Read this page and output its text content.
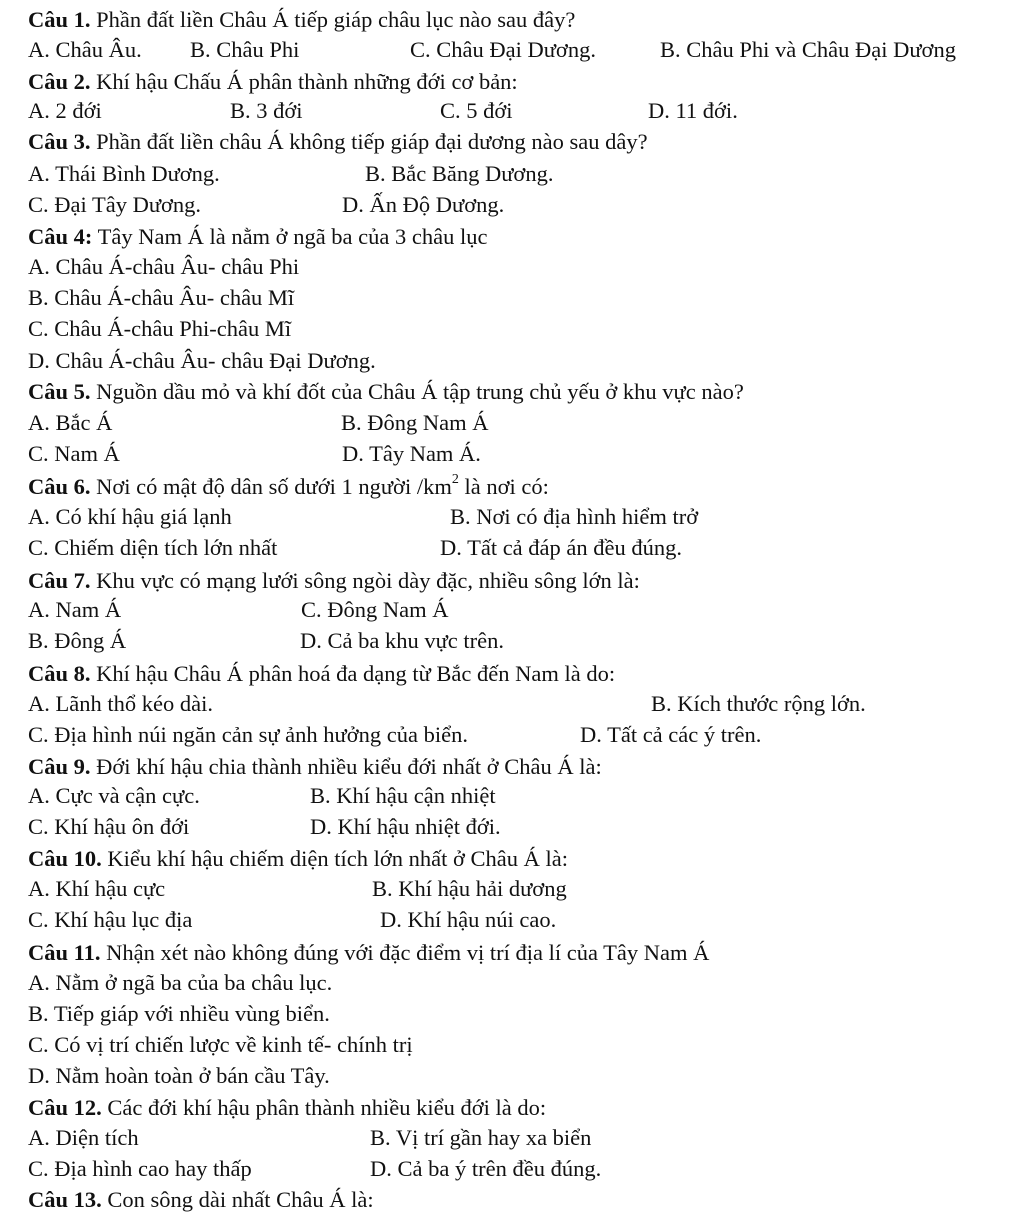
Câu 1. Phần đất liền Châu Á tiếp giáp châu lục nào sau đây?
A. Châu Âu. B. Châu Phi	C. Châu Đại Dương.	B. Châu Phi và Châu Đại Dương
Câu 2. Khí hậu Chấu Á phân thành những đới cơ bản:
A. 2 đới	B. 3 đới	C. 5 đới	D. 11 đới.
Câu 3. Phần đất liền châu Á không tiếp giáp đại dương nào sau dây?
A. Thái Bình Dương.	B. Bắc Băng Dương.
C. Đại Tây Dương.	D. Ấn Độ Dương.
Câu 4: Tây Nam Á là nằm ở ngã ba của 3 châu lục
A. Châu Á-châu Âu- châu Phi
B. Châu Á-châu Âu- châu Mĩ
C. Châu Á-châu Phi-châu Mĩ
D. Châu Á-châu Âu- châu Đại Dương.
Câu 5. Nguồn dầu mỏ và khí đốt của Châu Á tập trung chủ yếu ở khu vực nào?
A. Bắc Á	B. Đông Nam Á
C. Nam Á	D. Tây Nam Á.
Câu 6. Nơi có mật độ dân số dưới 1 người $/km^2$ là nơi có:
A. Có khí hậu giá lạnh	B. Nơi có địa hình hiểm trở
C. Chiếm diện tích lớn nhất	D. Tất cả đáp án đều đúng.
Câu 7. Khu vực có mạng lưới sông ngòi dày đặc, nhiều sông lớn là:
A. Nam Á	C. Đông Nam Á
B. Đông Á	D. Cả ba khu vực trên.
Câu 8. Khí hậu Châu Á phân hoá đa dạng từ Bắc đến Nam là do:
A. Lãnh thổ kéo dài.	B. Kích thước rộng lớn.
C. Địa hình núi ngăn cản sự ảnh hưởng của biển.	D. Tất cả các ý trên.
Câu 9. Đới khí hậu chia thành nhiều kiểu đới nhất ở Châu Á là:
A. Cực và cận cực.	B. Khí hậu cận nhiệt
C. Khí hậu ôn đới	D. Khí hậu nhiệt đới.
Câu 10. Kiểu khí hậu chiếm diện tích lớn nhất ở Châu Á là:
A. Khí hậu cực	B. Khí hậu hải dương
C. Khí hậu lục địa	D. Khí hậu núi cao.
Câu 11. Nhận xét nào không đúng với đặc điểm vị trí địa lí của Tây Nam Á
A. Nằm ở ngã ba của ba châu lục.
B. Tiếp giáp với nhiều vùng biển.
C. Có vị trí chiến lược về kinh tế- chính trị
D. Nằm hoàn toàn ở bán cầu Tây.
Câu 12. Các đới khí hậu phân thành nhiều kiểu đới là do:
A. Diện tích	B. Vị trí gần hay xa biển
C. Địa hình cao hay thấp	D. Cả ba ý trên đều đúng.
Câu 13. Con sông dài nhất Châu Á là:
